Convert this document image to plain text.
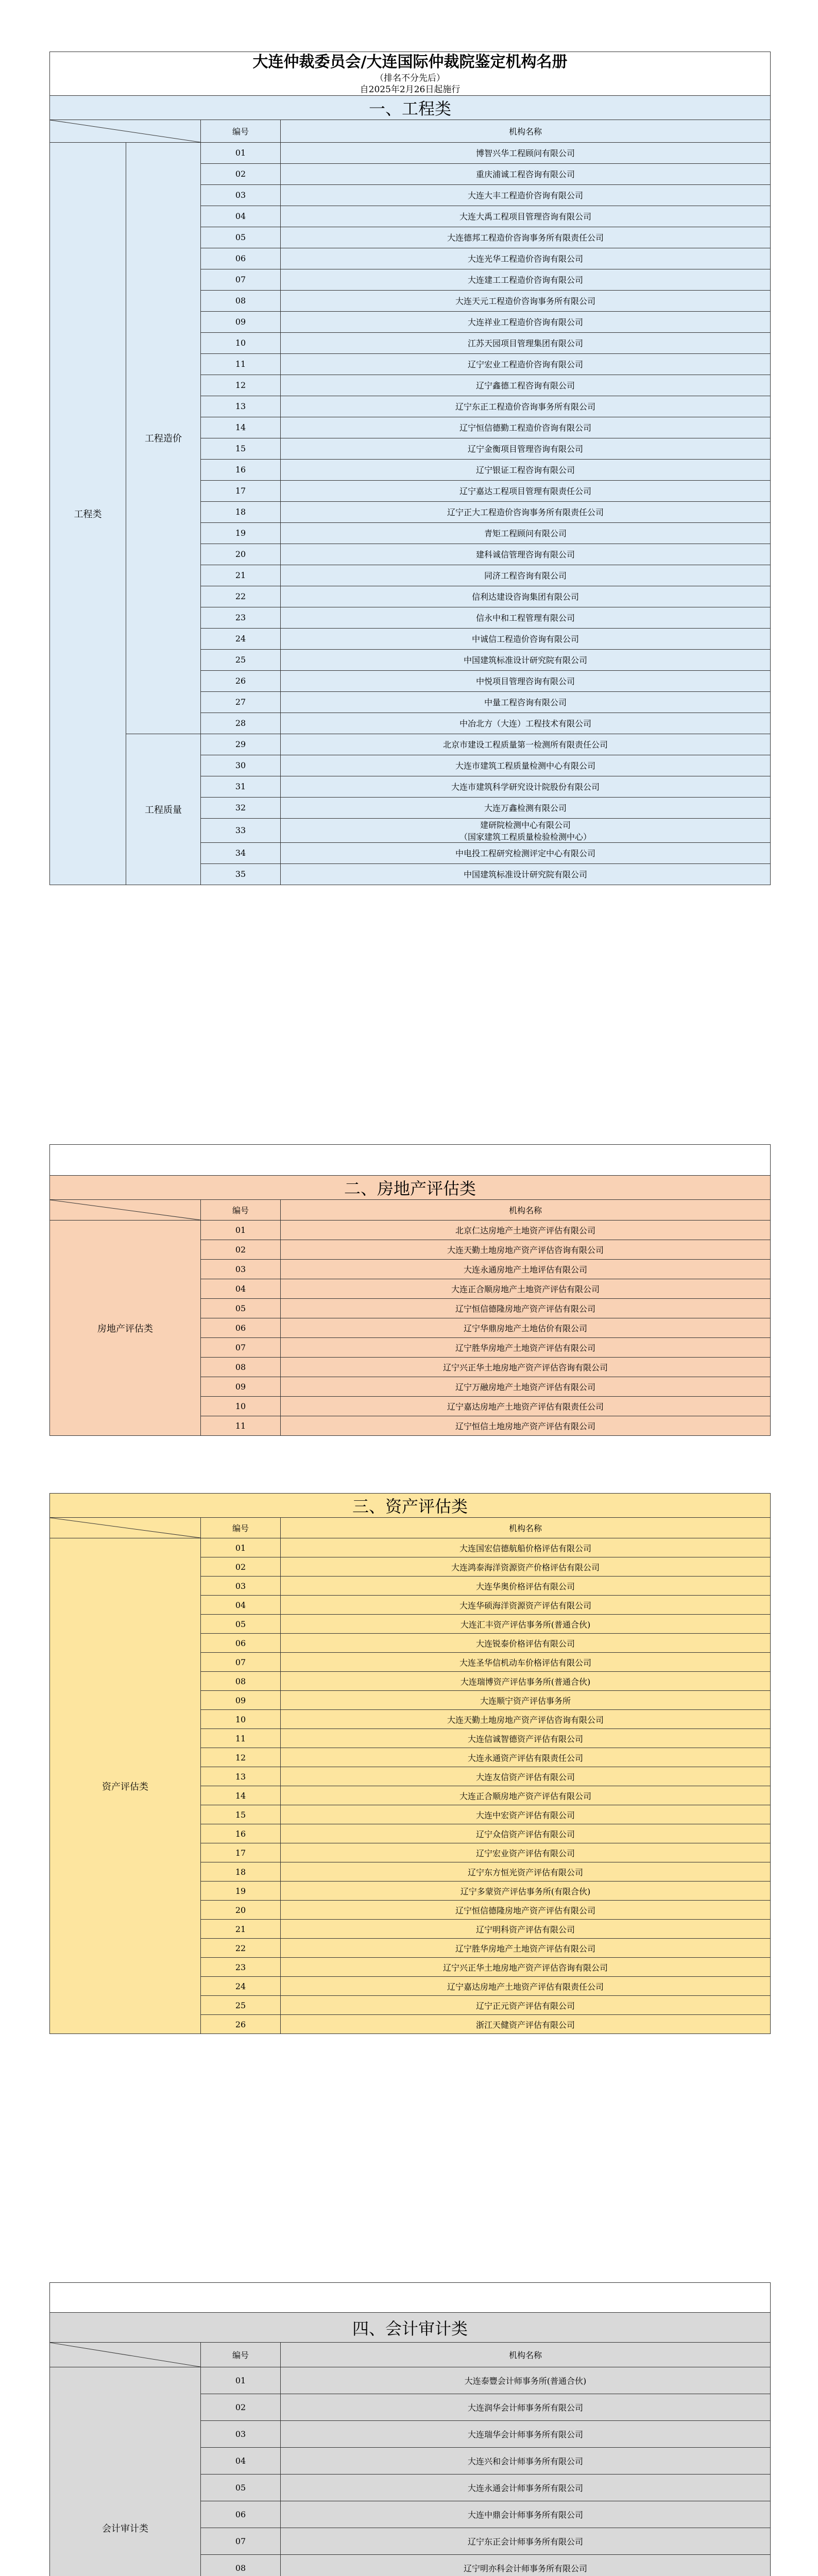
大连仲裁委员会/大连国际仲裁院鉴定机构名册			
（排名不分先后）			
自2025年2月26日起施行			
一、工程类			

	编号	机构名称
工程类	工程造价	01	博智兴华工程顾问有限公司
		02	重庆浦诚工程咨询有限公司
		03	大连大丰工程造价咨询有限公司
		04	大连大禹工程项目管理咨询有限公司
		05	大连德邦工程造价咨询事务所有限责任公司
		06	大连光华工程造价咨询有限公司
		07	大连建工工程造价咨询有限公司
		08	大连天元工程造价咨询事务所有限公司
		09	大连祥业工程造价咨询有限公司
		10	江苏天园项目管理集团有限公司
		11	辽宁宏业工程造价咨询有限公司
		12	辽宁鑫德工程咨询有限公司
		13	辽宁东正工程造价咨询事务所有限公司
		14	辽宁恒信德勤工程造价咨询有限公司
		15	辽宁金衡项目管理咨询有限公司
		16	辽宁银证工程咨询有限公司
		17	辽宁嘉达工程项目管理有限责任公司
		18	辽宁正大工程造价咨询事务所有限责任公司
		19	青矩工程顾问有限公司
		20	建科诚信管理咨询有限公司
		21	同济工程咨询有限公司
		22	信利达建设咨询集团有限公司
		23	信永中和工程管理有限公司
		24	中诚信工程造价咨询有限公司
		25	中国建筑标准设计研究院有限公司
		26	中悦项目管理咨询有限公司
		27	中量工程咨询有限公司
		28	中冶北方（大连）工程技术有限公司
	工程质量	29	北京市建设工程质量第一检测所有限责任公司
		30	大连市建筑工程质量检测中心有限公司
		31	大连市建筑科学研究设计院股份有限公司
		32	大连万鑫检测有限公司
		33	建研院检测中心有限公司
（国家建筑工程质量检验检测中心）
		34	中电投工程研究检测评定中心有限公司
		35	中国建筑标准设计研究院有限公司

二、房地产评估类		

	编号	机构名称
房地产评估类	01	北京仁达房地产土地资产评估有限公司
	02	大连天勤土地房地产资产评估咨询有限公司
	03	大连永通房地产土地评估有限公司
	04	大连正合顺房地产土地资产评估有限公司
	05	辽宁恒信德隆房地产资产评估有限公司
	06	辽宁华鼎房地产土地估价有限公司
	07	辽宁胜华房地产土地资产评估有限公司
	08	辽宁兴正华土地房地产资产评估咨询有限公司
	09	辽宁万融房地产土地资产评估有限公司
	10	辽宁嘉达房地产土地资产评估有限责任公司
	11	辽宁恒信土地房地产资产评估有限公司
三、资产评估类		

	编号	机构名称
资产评估类	01	大连国宏信德航船价格评估有限公司
	02	大连鸿泰海洋资源资产价格评估有限公司
	03	大连华奥价格评估有限公司
	04	大连华硕海洋资源资产评估有限公司
	05	大连汇丰资产评估事务所(普通合伙)
	06	大连锐泰价格评估有限公司
	07	大连圣华信机动车价格评估有限公司
	08	大连瑞博资产评估事务所(普通合伙)
	09	大连顺宁资产评估事务所
	10	大连天勤土地房地产资产评估咨询有限公司
	11	大连信诚智德资产评估有限公司
	12	大连永通资产评估有限责任公司
	13	大连友信资产评估有限公司
	14	大连正合顺房地产资产评估有限公司
	15	大连中宏资产评估有限公司
	16	辽宁众信资产评估有限公司
	17	辽宁宏业资产评估有限公司
	18	辽宁东方恒光资产评估有限公司
	19	辽宁多蒙资产评估事务所(有限合伙)
	20	辽宁恒信德隆房地产资产评估有限公司
	21	辽宁明科资产评估有限公司
	22	辽宁胜华房地产土地资产评估有限公司
	23	辽宁兴正华土地房地产资产评估咨询有限公司
	24	辽宁嘉达房地产土地资产评估有限责任公司
	25	辽宁正元资产评估有限公司
	26	浙江天健资产评估有限公司

四、会计审计类		

	编号	机构名称
会计审计类	01	大连泰豐会计师事务所(普通合伙)
	02	大连润华会计师事务所有限公司
	03	大连瑞华会计师事务所有限公司
	04	大连兴和会计师事务所有限公司
	05	大连永通会计师事务所有限公司
	06	大连中鼎会计师事务所有限公司
	07	辽宁东正会计师事务所有限公司
	08	辽宁明亦科会计师事务所有限公司
